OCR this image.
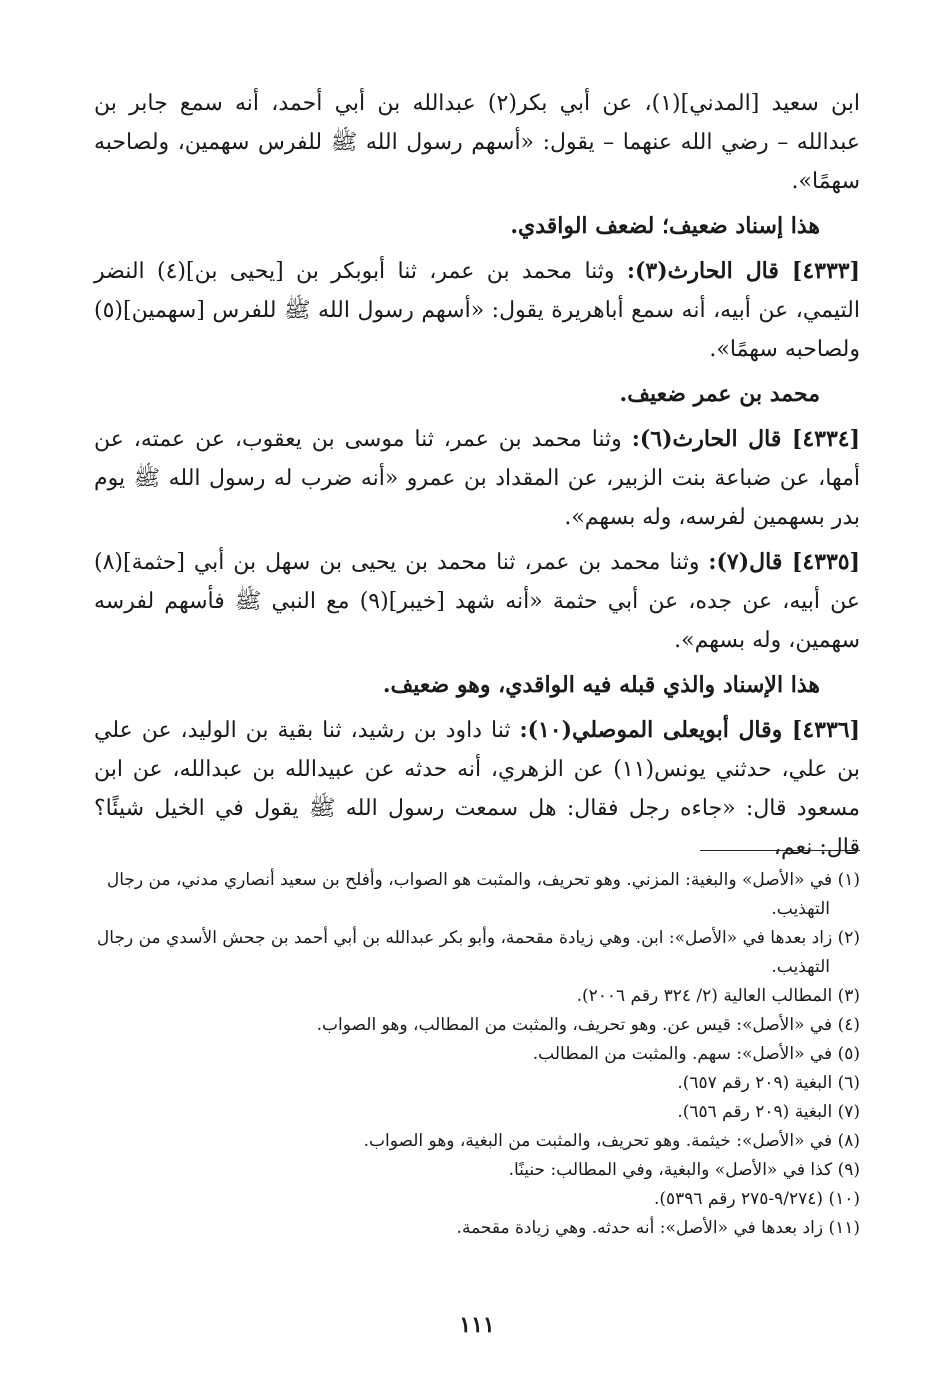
ابن سعيد [المدني](١)، عن أبي بكر(٢) عبدالله بن أبي أحمد، أنه سمع جابر بن عبدالله – رضي الله عنهما – يقول: «أسهم رسول الله ﷺ للفرس سهمين، ولصاحبه سهمًا».

هذا إسناد ضعيف؛ لضعف الواقدي.

[٤٣٣٣] قال الحارث(٣): وثنا محمد بن عمر، ثنا أبوبكر بن [يحيى بن](٤) النضر التيمي، عن أبيه، أنه سمع أباهريرة يقول: «أسهم رسول الله ﷺ للفرس [سهمين](٥) ولصاحبه سهمًا».

محمد بن عمر ضعيف.

[٤٣٣٤] قال الحارث(٦): وثنا محمد بن عمر، ثنا موسى بن يعقوب، عن عمته، عن أمها، عن ضباعة بنت الزبير، عن المقداد بن عمرو «أنه ضرب له رسول الله ﷺ يوم بدر بسهمين لفرسه، وله بسهم».

[٤٣٣٥] قال(٧): وثنا محمد بن عمر، ثنا محمد بن يحيى بن سهل بن أبي [حثمة](٨) عن أبيه، عن جده، عن أبي حثمة «أنه شهد [خيبر](٩) مع النبي ﷺ فأسهم لفرسه سهمين، وله بسهم».

هذا الإسناد والذي قبله فيه الواقدي، وهو ضعيف.

[٤٣٣٦] وقال أبويعلى الموصلي(١٠): ثنا داود بن رشيد، ثنا بقية بن الوليد، عن علي بن علي، حدثني يونس(١١) عن الزهري، أنه حدثه عن عبيدالله بن عبدالله، عن ابن مسعود قال: «جاءه رجل فقال: هل سمعت رسول الله ﷺ يقول في الخيل شيئًا؟ قال: نعم،

(١) في «الأصل» والبغية: المزني. وهو تحريف، والمثبت هو الصواب، وأفلح بن سعيد أنصاري مدني، من رجال التهذيب.

(٢) زاد بعدها في «الأصل»: ابن. وهي زيادة مقحمة، وأبو بكر عبدالله بن أبي أحمد بن جحش الأسدي من رجال التهذيب.

(٣) المطالب العالية (٢/ ٣٢٤ رقم ٢٠٠٦).

(٤) في «الأصل»: قيس عن. وهو تحريف، والمثبت من المطالب، وهو الصواب.

(٥) في «الأصل»: سهم. والمثبت من المطالب.

(٦) البغية (٢٠٩ رقم ٦٥٧).

(٧) البغية (٢٠٩ رقم ٦٥٦).

(٨) في «الأصل»: خيثمة. وهو تحريف، والمثبت من البغية، وهو الصواب.

(٩) كذا في «الأصل» والبغية، وفي المطالب: حنينًا.

(١٠) (٩/٢٧٤-٢٧٥ رقم ٥٣٩٦).

(١١) زاد بعدها في «الأصل»: أنه حدثه. وهي زيادة مقحمة.

١١١
